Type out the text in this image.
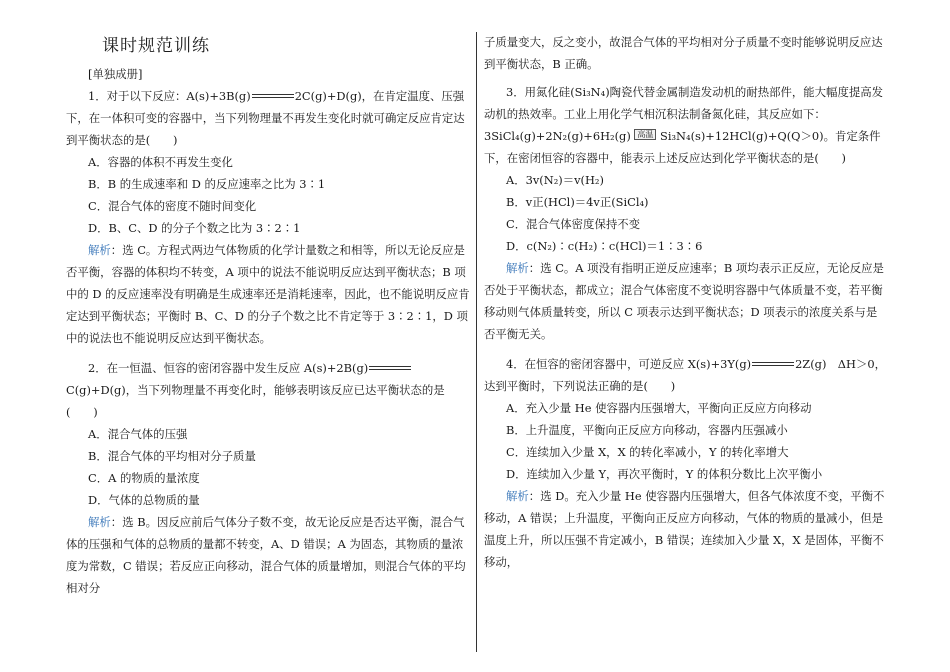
课时规范训练

[单独成册]

1．对于以下反应：A(s)+3B(g)	2C(g)+D(g)，在肯定温度、压强下，在一体积可变的容器中，当下列物理量不再发生变化时就可确定反应肯定达到平衡状态的是(　　)

A．容器的体积不再发生变化

B．B 的生成速率和 D 的反应速率之比为 3∶1

C．混合气体的密度不随时间变化

D．B、C、D 的分子个数之比为 3∶2∶1

解析：选 C。方程式两边气体物质的化学计量数之和相等，所以无论反应是否平衡，容器的体积均不转变，A 项中的说法不能说明反应达到平衡状态；B 项中的 D 的反应速率没有明确是生成速率还是消耗速率，因此，也不能说明反应肯定达到平衡状态；平衡时 B、C、D 的分子个数之比不肯定等于 3∶2∶1，D 项中的说法也不能说明反应达到平衡状态。

2．在一恒温、恒容的密闭容器中发生反应 A(s)+2B(g)
C(g)+D(g)，当下列物理量不再变化时，能够表明该反应已达平衡状态的是(　　)

A．混合气体的压强

B．混合气体的平均相对分子质量

C．A 的物质的量浓度

D．气体的总物质的量

解析：选 B。因反应前后气体分子数不变，故无论反应是否达平衡，混合气体的压强和气体的总物质的量都不转变，A、D 错误；A 为固态，其物质的量浓度为常数，C 错误；若反应正向移动，混合气体的质量增加，则混合气体的平均相对分

子质量变大，反之变小，故混合气体的平均相对分子质量不变时能够说明反应达到平衡状态，B 正确。

3．用氮化硅(Si₃N₄)陶瓷代替金属制造发动机的耐热部件，能大幅度提高发动机的热效率。工业上用化学气相沉积法制备氮化硅，其反应如下：

3SiCl₄(g)+2N₂(g)+6H₂(g) 高温 Si₃N₄(s)+12HCl(g)+Q(Q＞0)。肯定条件下，在密闭恒容的容器中，能表示上述反应达到化学平衡状态的是(　　)

A．3v(N₂)＝v(H₂)

B．v正(HCl)＝4v正(SiCl₄)

C．混合气体密度保持不变

D．c(N₂)∶c(H₂)∶c(HCl)＝1∶3∶6

解析：选 C。A 项没有指明正逆反应速率；B 项均表示正反应，无论反应是否处于平衡状态，都成立；混合气体密度不变说明容器中气体质量不变，若平衡移动则气体质量转变，所以 C 项表示达到平衡状态；D 项表示的浓度关系与是否平衡无关。

4．在恒容的密闭容器中，可逆反应 X(s)+3Y(g)	2Z(g)　ΔH＞0，达到平衡时，下列说法正确的是(　　)

A．充入少量 He 使容器内压强增大，平衡向正反应方向移动

B．上升温度，平衡向正反应方向移动，容器内压强减小

C．连续加入少量 X，X 的转化率减小，Y 的转化率增大

D．连续加入少量 Y，再次平衡时，Y 的体积分数比上次平衡小

解析：选 D。充入少量 He 使容器内压强增大，但各气体浓度不变，平衡不移动，A 错误；上升温度，平衡向正反应方向移动，气体的物质的量减小，但是温度上升，所以压强不肯定减小，B 错误；连续加入少量 X，X 是固体，平衡不移动，
